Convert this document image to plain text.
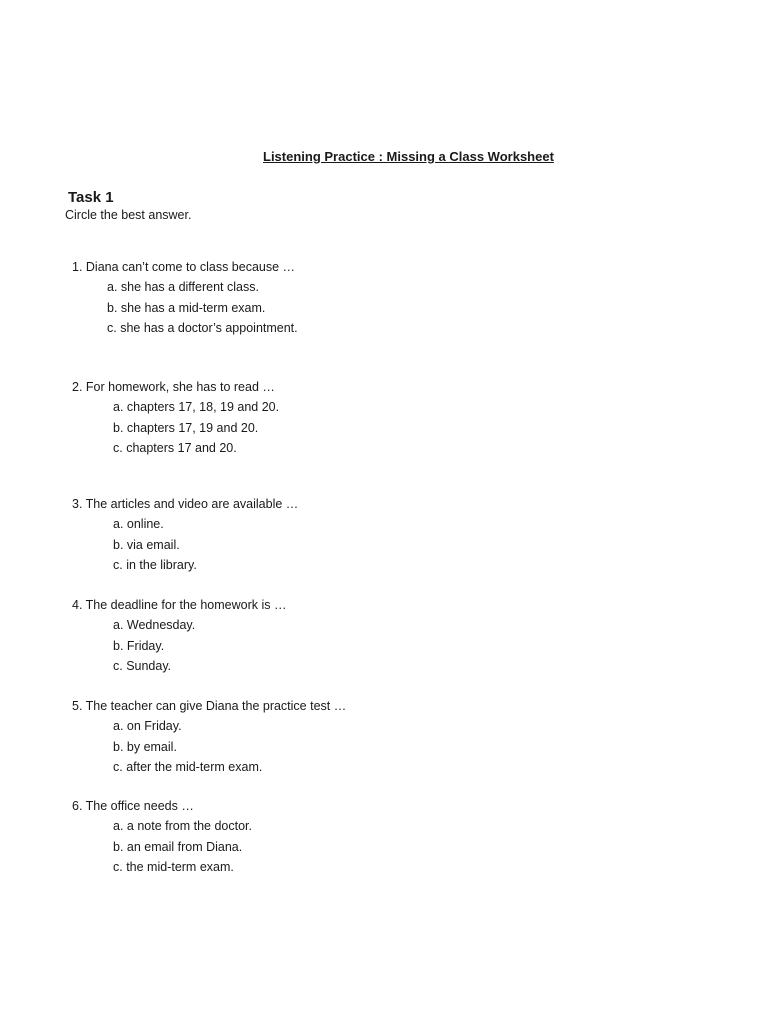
Listening Practice : Missing a Class Worksheet
Task 1
Circle the best answer.
1. Diana can’t come to class because …
a. she has a different class.
b. she has a mid-term exam.
c. she has a doctor’s appointment.
2. For homework, she has to read …
a. chapters 17, 18, 19 and 20.
b. chapters 17, 19 and 20.
c. chapters 17 and 20.
3. The articles and video are available …
a. online.
b. via email.
c. in the library.
4. The deadline for the homework is …
a. Wednesday.
b. Friday.
c. Sunday.
5. The teacher can give Diana the practice test …
a. on Friday.
b. by email.
c. after the mid-term exam.
6. The office needs …
a. a note from the doctor.
b. an email from Diana.
c. the mid-term exam.
